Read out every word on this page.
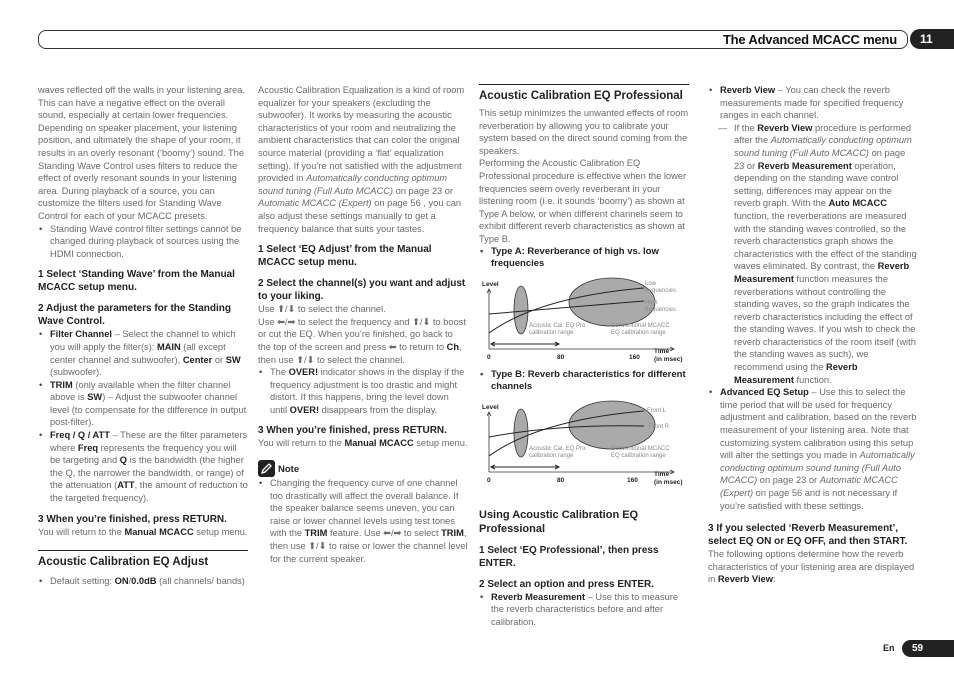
The Advanced MCACC menu	11

waves reflected off the walls in your listening area. This can have a negative effect on the overall sound, especially at certain lower frequencies. Depending on speaker placement, your listening position, and ultimately the shape of your room, it results in an overly resonant (‘boomy’) sound. The Standing Wave Control uses filters to reduce the effect of overly resonant sounds in your listening area. During playback of a source, you can customize the filters used for Standing Wave Control for each of your MCACC presets.

• Standing Wave control filter settings cannot be changed during playback of sources using the HDMI connection.

1 Select ‘Standing Wave’ from the Manual MCACC setup menu.

2 Adjust the parameters for the Standing Wave Control.

• Filter Channel – Select the channel to which you will apply the filter(s): MAIN (all except center channel and subwoofer), Center or SW (subwoofer).
• TRIM (only available when the filter channel above is SW) – Adjust the subwoofer channel level (to compensate for the difference in output post-filter).
• Freq / Q / ATT – These are the filter parameters where Freq represents the frequency you will be targeting and Q is the bandwidth (the higher the Q, the narrower the bandwidth, or range) of the attenuation (ATT, the amount of reduction to the targeted frequency).

3 When you’re finished, press RETURN.

You will return to the Manual MCACC setup menu.

Acoustic Calibration EQ Adjust

• Default setting: ON/0.0dB (all channels/ bands)

Acoustic Calibration Equalization is a kind of room equalizer for your speakers (excluding the subwoofer). It works by measuring the acoustic characteristics of your room and neutralizing the ambient characteristics that can color the original source material (providing a ‘flat’ equalization setting). If you’re not satisfied with the adjustment provided in Automatically conducting optimum sound tuning (Full Auto MCACC) on page 23 or Automatic MCACC (Expert) on page 56 , you can also adjust these settings manually to get a frequency balance that suits your tastes.

1 Select ‘EQ Adjust’ from the Manual MCACC setup menu.

2 Select the channel(s) you want and adjust to your liking.

Use ⬆/⬇ to select the channel.

Use ⬅/➡ to select the frequency and ⬆/⬇ to boost or cut the EQ. When you’re finished, go back to the top of the screen and press ⬅ to return to Ch, then use ⬆/⬇ to select the channel.

• The OVER! indicator shows in the display if the frequency adjustment is too drastic and might distort. If this happens, bring the level down until OVER! disappears from the display.

3 When you’re finished, press RETURN.

You will return to the Manual MCACC setup menu.

Note
• Changing the frequency curve of one channel too drastically will affect the overall balance. If the speaker balance seems uneven, you can raise or lower channel levels using test tones with the TRIM feature. Use ⬅/➡ to select TRIM, then use ⬆/⬇ to raise or lower the channel level for the current speaker.

Acoustic Calibration EQ Professional

This setup minimizes the unwanted effects of room reverberation by allowing you to calibrate your system based on the direct sound coming from the speakers.

Performing the Acoustic Calibration EQ Professional procedure is effective when the lower frequencies seem overly reverberant in your listening room (i.e. it sounds ‘boomy’) as shown at Type A below, or when different channels seem to exhibit different reverb characteristics as shown at Type B.

• Type A: Reverberance of high vs. low frequencies
Level
0	80	160
Time
(in msec)
Low
frequencies
High
frequencies
Acoustic Cal. EQ Pro.
calibration range
Conventional MCACC
EQ calibration range
• Type B: Reverb characteristics for different channels
Level
0	80	160
Time
(in msec)
Front L
Front R
Acoustic Cal. EQ Pro.
calibration range
Conventional MCACC
EQ calibration range

Using Acoustic Calibration EQ Professional

1 Select ‘EQ Professional’, then press ENTER.

2 Select an option and press ENTER.

• Reverb Measurement – Use this to measure the reverb characteristics before and after calibration.
• Reverb View – You can check the reverb measurements made for specified frequency ranges in each channel.
— If the Reverb View procedure is performed after the Automatically conducting optimum sound tuning (Full Auto MCACC) on page 23 or Reverb Measurement operation, depending on the standing wave control setting, differences may appear on the reverb graph. With the Auto MCACC function, the reverberations are measured with the standing waves controlled, so the reverb characteristics graph shows the characteristics with the effect of the standing waves eliminated. By contrast, the Reverb Measurement function measures the reverberations without controlling the standing waves, so the graph indicates the reverb characteristics including the effect of the standing waves. If you wish to check the reverb characteristics of the room itself (with the standing waves as such), we recommend using the Reverb Measurement function.
• Advanced EQ Setup – Use this to select the time period that will be used for frequency adjustment and calibration, based on the reverb measurement of your listening area. Note that customizing system calibration using this setup will alter the settings you made in Automatically conducting optimum sound tuning (Full Auto MCACC) on page 23 or Automatic MCACC (Expert) on page 56 and is not necessary if you’re satisfied with these settings.

3 If you selected ‘Reverb Measurement’, select EQ ON or EQ OFF, and then START.

The following options determine how the reverb characteristics of your listening area are displayed in Reverb View:

En	59
